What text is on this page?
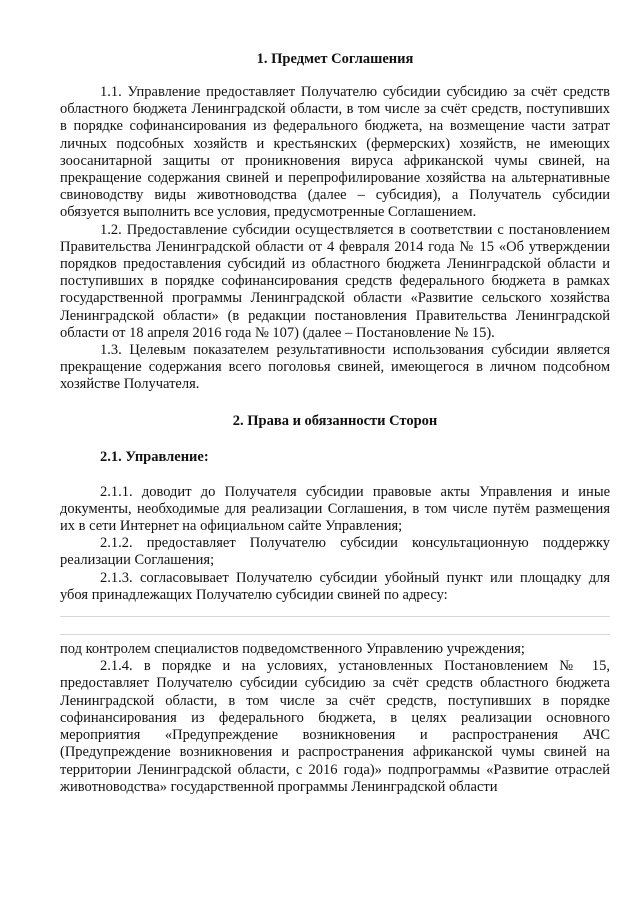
1. Предмет Соглашения

1.1. Управление предоставляет Получателю субсидии субсидию за счёт средств областного бюджета Ленинградской области, в том числе за счёт средств, поступивших в порядке софинансирования из федерального бюджета, на возмещение части затрат личных подсобных хозяйств и крестьянских (фермерских) хозяйств, не имеющих зоосанитарной защиты от проникновения вируса африканской чумы свиней, на прекращение содержания свиней и перепрофилирование хозяйства на альтернативные свиноводству виды животноводства (далее – субсидия), а Получатель субсидии обязуется выполнить все условия, предусмотренные Соглашением.

1.2. Предоставление субсидии осуществляется в соответствии с постановлением Правительства Ленинградской области от 4 февраля 2014 года № 15 «Об утверждении порядков предоставления субсидий из областного бюджета Ленинградской области и поступивших в порядке софинансирования средств федерального бюджета в рамках государственной программы Ленинградской области «Развитие сельского хозяйства Ленинградской области» (в редакции постановления Правительства Ленинградской области от 18 апреля 2016 года № 107) (далее – Постановление № 15).

1.3. Целевым показателем результативности использования субсидии является прекращение содержания всего поголовья свиней, имеющегося в личном подсобном хозяйстве Получателя.

2. Права и обязанности Сторон
2.1. Управление:

2.1.1. доводит до Получателя субсидии правовые акты Управления и иные документы, необходимые для реализации Соглашения, в том числе путём размещения их в сети Интернет на официальном сайте Управления;

2.1.2. предоставляет Получателю субсидии консультационную поддержку реализации Соглашения;

2.1.3. согласовывает Получателю субсидии убойный пункт или площадку для убоя принадлежащих Получателю субсидии свиней по адресу:

под контролем специалистов подведомственного Управлению учреждения;

2.1.4. в порядке и на условиях, установленных Постановлением № 15, предоставляет Получателю субсидии субсидию за счёт средств областного бюджета Ленинградской области, в том числе за счёт средств, поступивших в порядке софинансирования из федерального бюджета, в целях реализации основного мероприятия «Предупреждение возникновения и распространения АЧС (Предупреждение возникновения и распространения африканской чумы свиней на территории Ленинградской области, с 2016 года)» подпрограммы «Развитие отраслей животноводства» государственной программы Ленинградской области
